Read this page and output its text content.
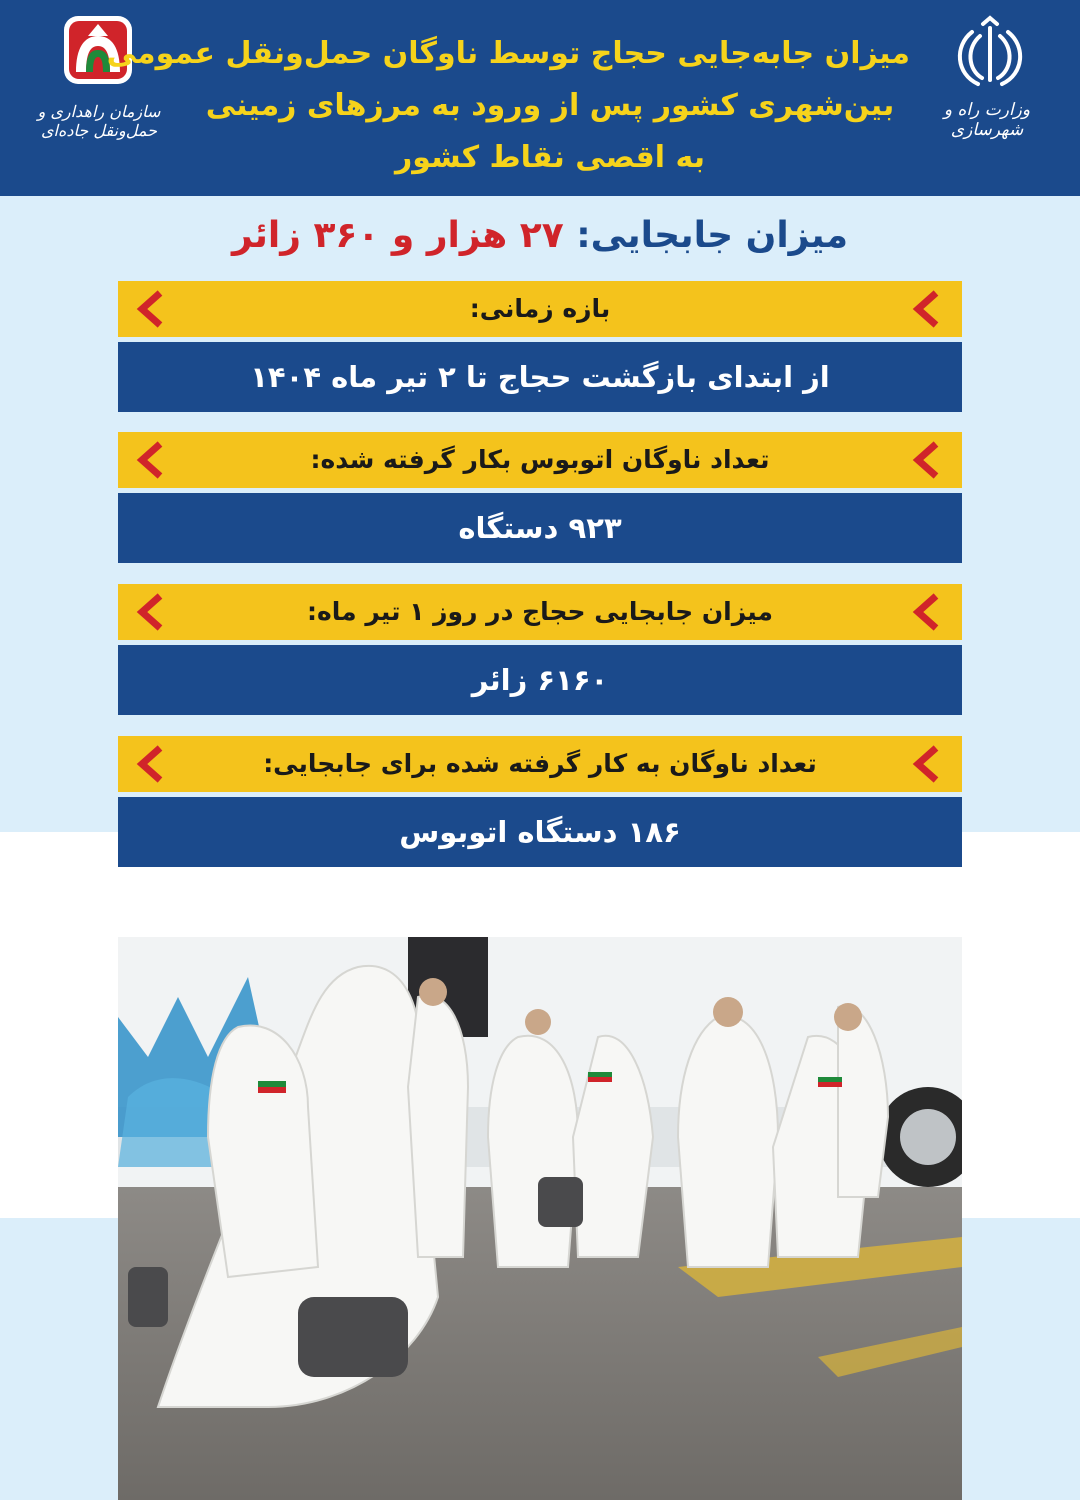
وزارت راه و شهرسازی
سازمان راهداری و حمل‌ونقل جاده‌ای
میزان جابه‌جایی حجاج توسط ناوگان حمل‌ونقل عمومی
بین‌شهری کشور پس از ورود به مرزهای زمینی
به اقصی نقاط کشور
میزان جابجایی: ۲۷ هزار و ۳۶۰ زائر
بازه زمانی:
از ابتدای بازگشت حجاج تا ۲ تیر ماه ۱۴۰۴
تعداد ناوگان اتوبوس بکار گرفته شده:
۹۲۳ دستگاه
میزان جابجایی حجاج در روز ۱ تیر ماه:
۶۱۶۰ زائر
تعداد ناوگان به کار گرفته شده برای جابجایی:
۱۸۶ دستگاه اتوبوس
